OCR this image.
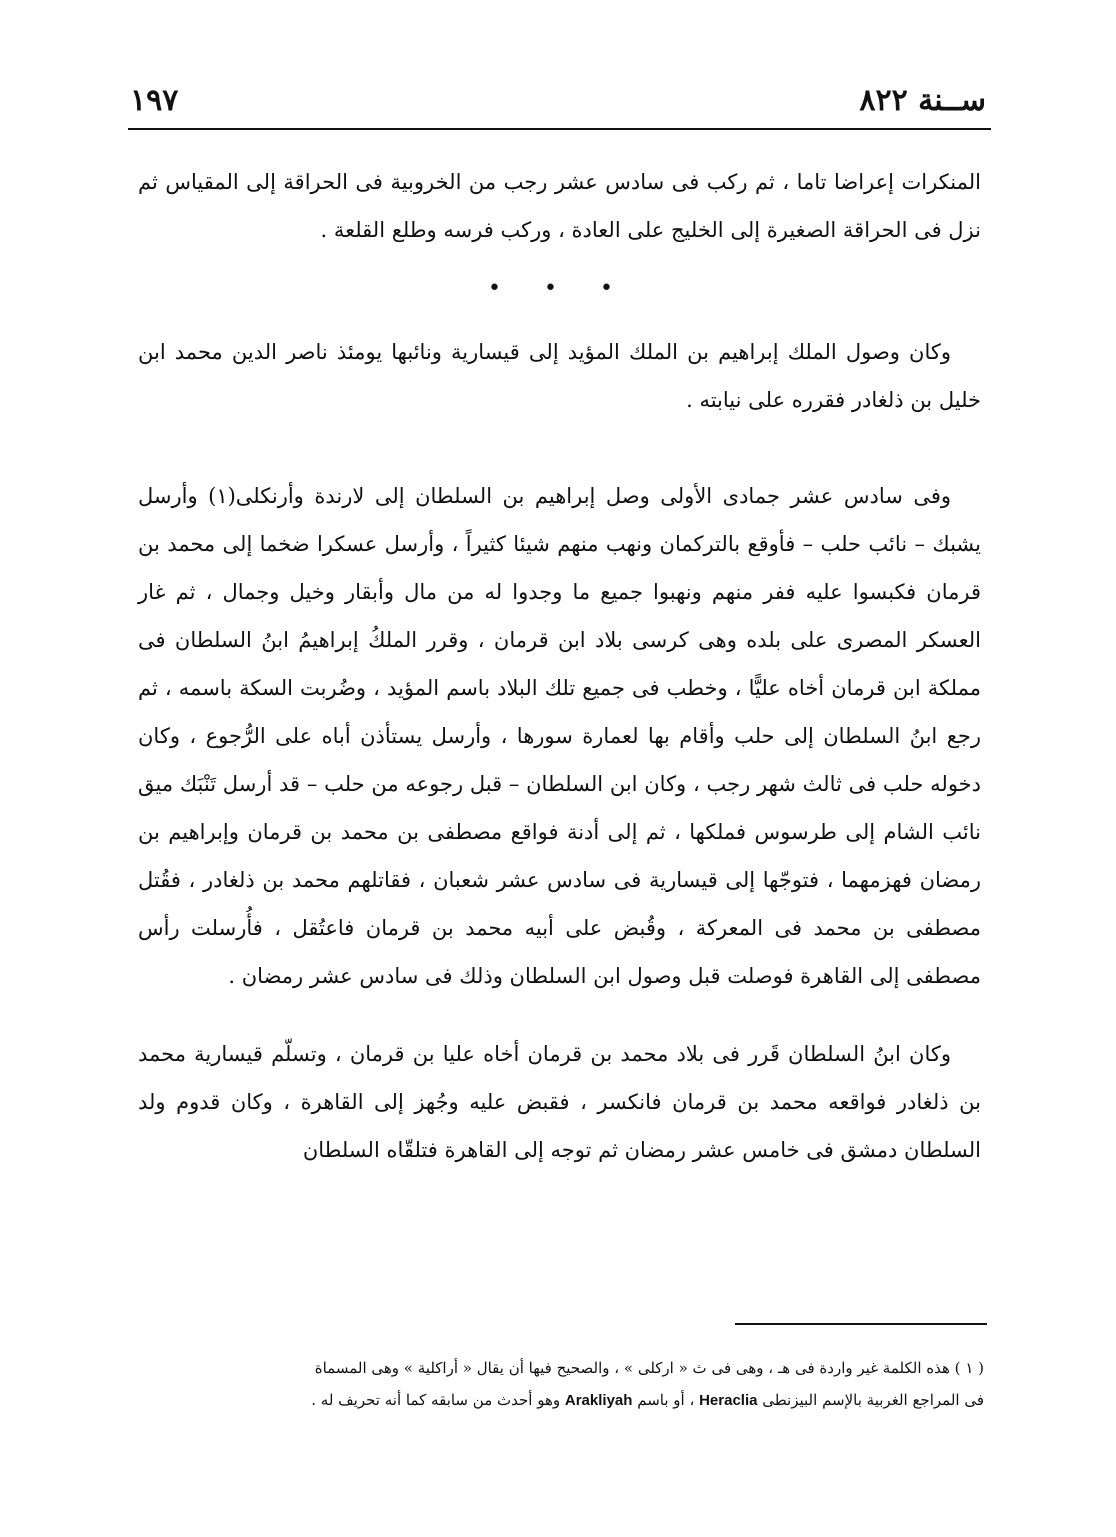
ســنة ٨٢٢
١٩٧

المنكرات إعراضا تاما ، ثم ركب فى سادس عشر رجب من الخروبية فى الحراقة إلى المقياس ثم نزل فى الحراقة الصغيرة إلى الخليج على العادة ، وركب فرسه وطلع القلعة .

• • •

وكان وصول الملك إبراهيم بن الملك المؤيد إلى قيسارية ونائبها يومئذ ناصر الدين محمد ابن خليل بن ذلغادر فقرره على نيابته .

وفى سادس عشر جمادى الأولى وصل إبراهيم بن السلطان إلى لارندة وأرنكلى(١) وأرسل يشبك – نائب حلب – فأوقع بالتركمان ونهب منهم شيئا كثيراً ، وأرسل عسكرا ضخما إلى محمد بن قرمان فكبسوا عليه ففر منهم ونهبوا جميع ما وجدوا له من مال وأبقار وخيل وجمال ، ثم غار العسكر المصرى على بلده وهى كرسى بلاد ابن قرمان ، وقرر الملكُ إبراهيمُ ابنُ السلطان فى مملكة ابن قرمان أخاه عليًّا ، وخطب فى جميع تلك البلاد باسم المؤيد ، وضُربت السكة باسمه ، ثم رجع ابنُ السلطان إلى حلب وأقام بها لعمارة سورها ، وأرسل يستأذن أباه على الرُّجوع ، وكان دخوله حلب فى ثالث شهر رجب ، وكان ابن السلطان – قبل رجوعه من حلب – قد أرسل تَنْبَك ميق نائب الشام إلى طرسوس فملكها ، ثم إلى أدنة فواقع مصطفى بن محمد بن قرمان وإبراهيم بن رمضان فهزمهما ، فتوجّها إلى قيسارية فى سادس عشر شعبان ، فقاتلهم محمد بن ذلغادر ، فقُتل مصطفى بن محمد فى المعركة ، وقُبض على أبيه محمد بن قرمان فاعتُقل ، فأُرسلت رأس مصطفى إلى القاهرة فوصلت قبل وصول ابن السلطان وذلك فى سادس عشر رمضان .

وكان ابنُ السلطان قَرر فى بلاد محمد بن قرمان أخاه عليا بن قرمان ، وتسلّم قيسارية محمد بن ذلغادر فواقعه محمد بن قرمان فانكسر ، فقبض عليه وجُهز إلى القاهرة ، وكان قدوم ولد السلطان دمشق فى خامس عشر رمضان ثم توجه إلى القاهرة فتلقّاه السلطان

( ١ ) هذه الكلمة غير واردة فى هـ ، وهى فى ث « اركلى » ، والصحيح فيها أن يقال « أراكلية » وهى المسماة

فى المراجع الغربية بالإسم البيزنطى Heraclia ، أو باسم Arakliyah وهو أحدث من سابقه كما أنه تحريف له .
